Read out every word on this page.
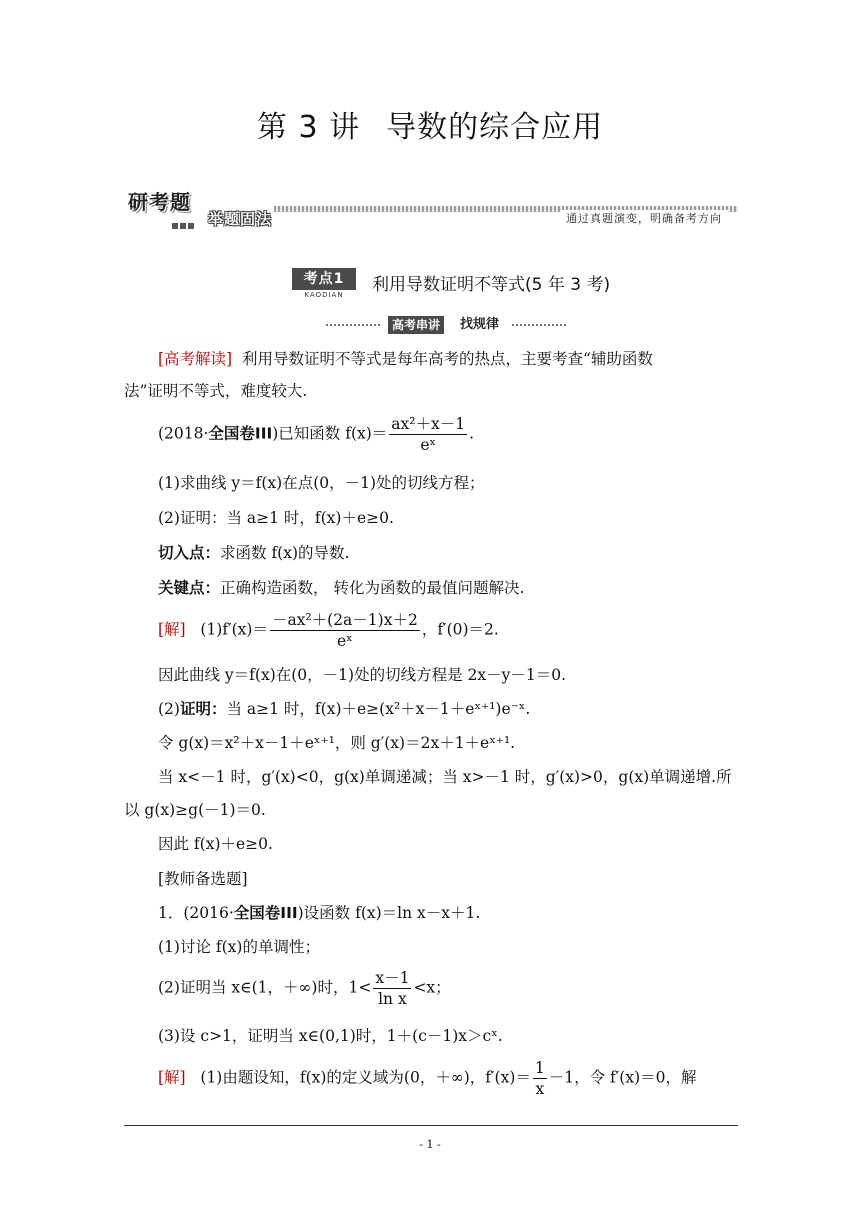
第 3 讲 导数的综合应用
研考题
举题固法	通过真题演变，明确备考方向
考点1
KAODIAN 利用导数证明不等式(5 年 3 考)
高考串讲	找规律
[高考解读] 利用导数证明不等式是每年高考的热点，主要考查“辅助函数
法”证明不等式，难度较大.
(2018·全国卷III)已知函数 $f(x)= \frac{\text{ax²＋x－1}}{\text{eˣ}}$ .
(1)求曲线 y＝f(x)在点(0，－1)处的切线方程；
(2)证明：当 a≥1 时，f(x)＋e≥0.
切入点：求函数 f(x)的导数.
关键点：正确构造函数， 转化为函数的最值问题解决.
[解] $(1)f'(x)= \frac{\text{－ax²＋(2a－1)x＋2}}{\text{eˣ}}$ ，f′(0)＝2.
因此曲线 y＝f(x)在(0，－1)处的切线方程是 2x－y－1＝0.
(2)证明：当 a≥1 时，f(x)＋e≥(x²＋x－1＋eˣ⁺¹)e⁻ˣ.
令 g(x)＝x²＋x－1＋eˣ⁺¹，则 g′(x)＝2x＋1＋eˣ⁺¹.
当 x<－1 时，g′(x)<0，g(x)单调递减；当 x>－1 时，g′(x)>0，g(x)单调递增.所
以 g(x)≥g(－1)＝0.
因此 f(x)＋e≥0.
[教师备选题]
1．(2016·全国卷III)设函数 f(x)＝ln x－x＋1.
(1)讨论 f(x)的单调性；
(2)证明当 x∈(1，＋∞)时，$1< \frac{x-1}{\text{ln x}} <x$；
(3)设 c>1，证明当 x∈(0,1)时，1＋(c－1)x＞cˣ.
[解] (1)由题设知，f(x)的定义域为(0，＋∞)，$f'(x)= \frac{1}{x} -1$，令 f′(x)＝0，解
- 1 -
